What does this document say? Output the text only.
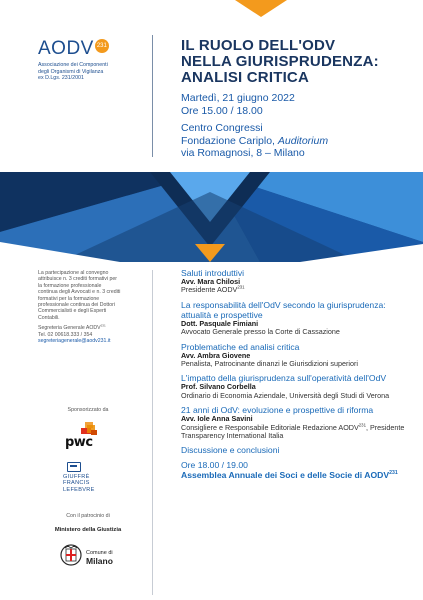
AODV 231
Associazione dei Componenti
degli Organismi di Vigilanza
ex D.Lgs. 231/2001
IL RUOLO DELL'ODV
NELLA GIURISPRUDENZA:
ANALISI CRITICA
Martedì, 21 giugno 2022
Ore 15.00 / 18.00
Centro Congressi
Fondazione Cariplo, Auditorium
via Romagnosi, 8 – Milano
La partecipazione al convegno
attribuisce n. 3 crediti formativi per
la formazione professionale
continua degli Avvocati e n. 3 crediti
formativi per la formazione
professionale continua dei Dottori
Commercialisti e degli Esperti
Contabili.
Segreteria Generale AODV$^{231}$
Tel. 02 00618.333 / 354
segreteriagenerale@aodv231.it
Sponsorizzato da
pwc
GIUFFRÈ
FRANCIS
LEFEBVRE
Con il patrocinio di
Ministero della Giustizia
Comune di
Milano
Saluti introduttivi
Avv. Mara Chilosi
Presidente AODV$^{231}$
La responsabilità dell'OdV secondo la giurisprudenza: attualità e prospettive
Dott. Pasquale Fimiani
Avvocato Generale presso la Corte di Cassazione
Problematiche ed analisi critica
Avv. Ambra Giovene
Penalista, Patrocinante dinanzi le Giurisdizioni superiori
L'impatto della giurisprudenza sull'operatività dell'OdV
Prof. Silvano Corbella
Ordinario di Economia Aziendale, Università degli Studi di Verona
21 anni di OdV: evoluzione e prospettive di riforma
Avv. Iole Anna Savini
Consigliere e Responsabile Editoriale Redazione AODV$^{231}$, Presidente Transparency International Italia
Discussione e conclusioni
Ore 18.00 / 19.00
Assemblea Annuale dei Soci e delle Socie di AODV$^{231}$
